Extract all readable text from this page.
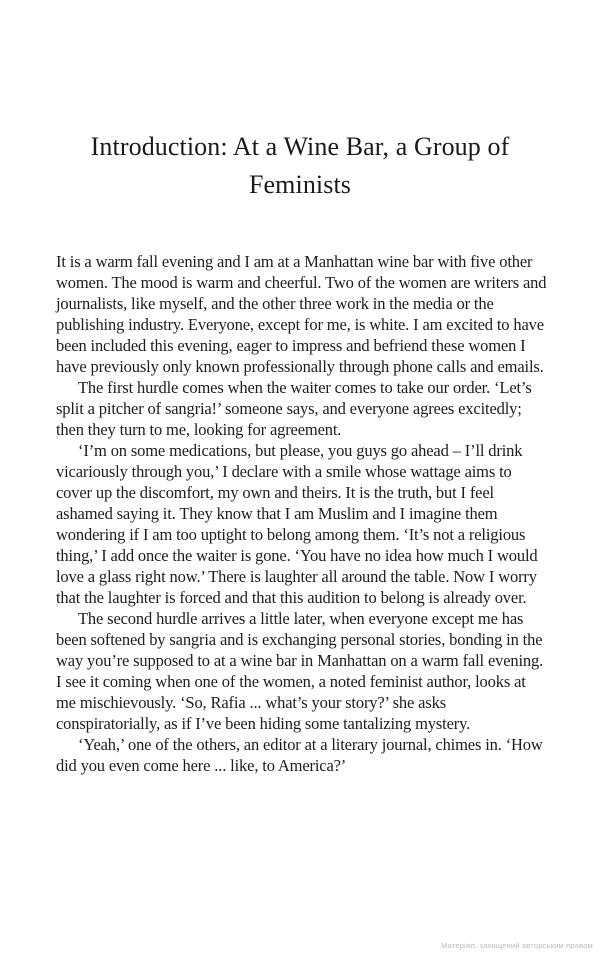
Introduction: At a Wine Bar, a Group of Feminists

It is a warm fall evening and I am at a Manhattan wine bar with five other women. The mood is warm and cheerful. Two of the women are writers and journalists, like myself, and the other three work in the media or the publishing industry. Everyone, except for me, is white. I am excited to have been included this evening, eager to impress and befriend these women I have previously only known professionally through phone calls and emails.

The first hurdle comes when the waiter comes to take our order. ‘Let’s split a pitcher of sangria!’ someone says, and everyone agrees excitedly; then they turn to me, looking for agreement.

‘I’m on some medications, but please, you guys go ahead – I’ll drink vicariously through you,’ I declare with a smile whose wattage aims to cover up the discomfort, my own and theirs. It is the truth, but I feel ashamed saying it. They know that I am Muslim and I imagine them wondering if I am too uptight to belong among them. ‘It’s not a religious thing,’ I add once the waiter is gone. ‘You have no idea how much I would love a glass right now.’ There is laughter all around the table. Now I worry that the laughter is forced and that this audition to belong is already over.

The second hurdle arrives a little later, when everyone except me has been softened by sangria and is exchanging personal stories, bonding in the way you’re supposed to at a wine bar in Manhattan on a warm fall evening. I see it coming when one of the women, a noted feminist author, looks at me mischievously. ‘So, Rafia ... what’s your story?’ she asks conspiratorially, as if I’ve been hiding some tantalizing mystery.

‘Yeah,’ one of the others, an editor at a literary journal, chimes in. ‘How did you even come here ... like, to America?’

Матеріал, захищений авторським правом
